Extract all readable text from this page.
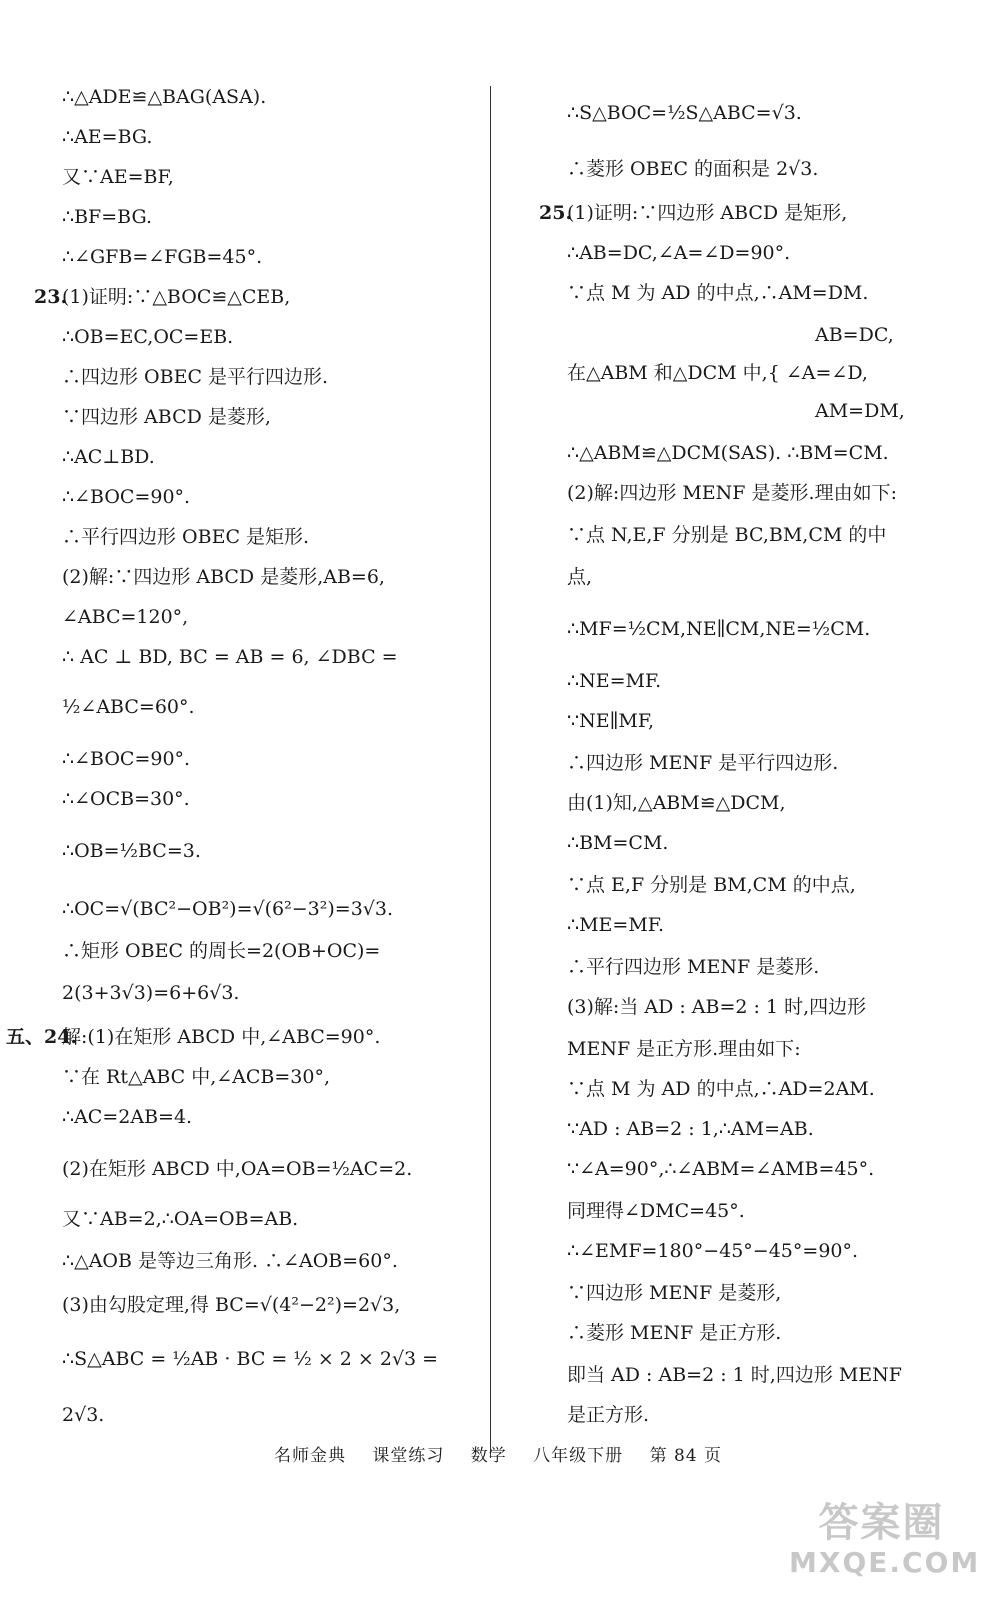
∴△ADE≌△BAG(ASA).
∴AE=BG.
又∵AE=BF,
∴BF=BG.
∴∠GFB=∠FGB=45°.
23.
(1)证明:∵△BOC≌△CEB,
∴OB=EC,OC=EB.
∴四边形 OBEC 是平行四边形.
∵四边形 ABCD 是菱形,
∴AC⊥BD.
∴∠BOC=90°.
∴平行四边形 OBEC 是矩形.
(2)解:∵四边形 ABCD 是菱形,AB=6,
∠ABC=120°,
∴ AC ⊥ BD, BC = AB = 6, ∠DBC =
½∠ABC=60°.
∴∠BOC=90°.
∴∠OCB=30°.
∴OB=½BC=3.
∴OC=√(BC²−OB²)=√(6²−3²)=3√3.
∴矩形 OBEC 的周长=2(OB+OC)=
2(3+3√3)=6+6√3.
五、24.
解:(1)在矩形 ABCD 中,∠ABC=90°.
∵在 Rt△ABC 中,∠ACB=30°,
∴AC=2AB=4.
(2)在矩形 ABCD 中,OA=OB=½AC=2.
又∵AB=2,∴OA=OB=AB.
∴△AOB 是等边三角形. ∴∠AOB=60°.
(3)由勾股定理,得 BC=√(4²−2²)=2√3,
∴S△ABC = ½AB · BC = ½ × 2 × 2√3 =
2√3.
∴S△BOC=½S△ABC=√3.
∴菱形 OBEC 的面积是 2√3.
25.
(1)证明:∵四边形 ABCD 是矩形,
∴AB=DC,∠A=∠D=90°.
∵点 M 为 AD 的中点,∴AM=DM.
AB=DC,
在△ABM 和△DCM 中,{ ∠A=∠D,
AM=DM,
∴△ABM≌△DCM(SAS). ∴BM=CM.
(2)解:四边形 MENF 是菱形.理由如下:
∵点 N,E,F 分别是 BC,BM,CM 的中
点,
∴MF=½CM,NE∥CM,NE=½CM.
∴NE=MF.
∵NE∥MF,
∴四边形 MENF 是平行四边形.
由(1)知,△ABM≌△DCM,
∴BM=CM.
∵点 E,F 分别是 BM,CM 的中点,
∴ME=MF.
∴平行四边形 MENF 是菱形.
(3)解:当 AD : AB=2 : 1 时,四边形
MENF 是正方形.理由如下:
∵点 M 为 AD 的中点,∴AD=2AM.
∵AD : AB=2 : 1,∴AM=AB.
∵∠A=90°,∴∠ABM=∠AMB=45°.
同理得∠DMC=45°.
∴∠EMF=180°−45°−45°=90°.
∵四边形 MENF 是菱形,
∴菱形 MENF 是正方形.
即当 AD : AB=2 : 1 时,四边形 MENF
是正方形.
名师金典 课堂练习 数学 八年级下册 第 84 页
答案圈
MXQE.COM
